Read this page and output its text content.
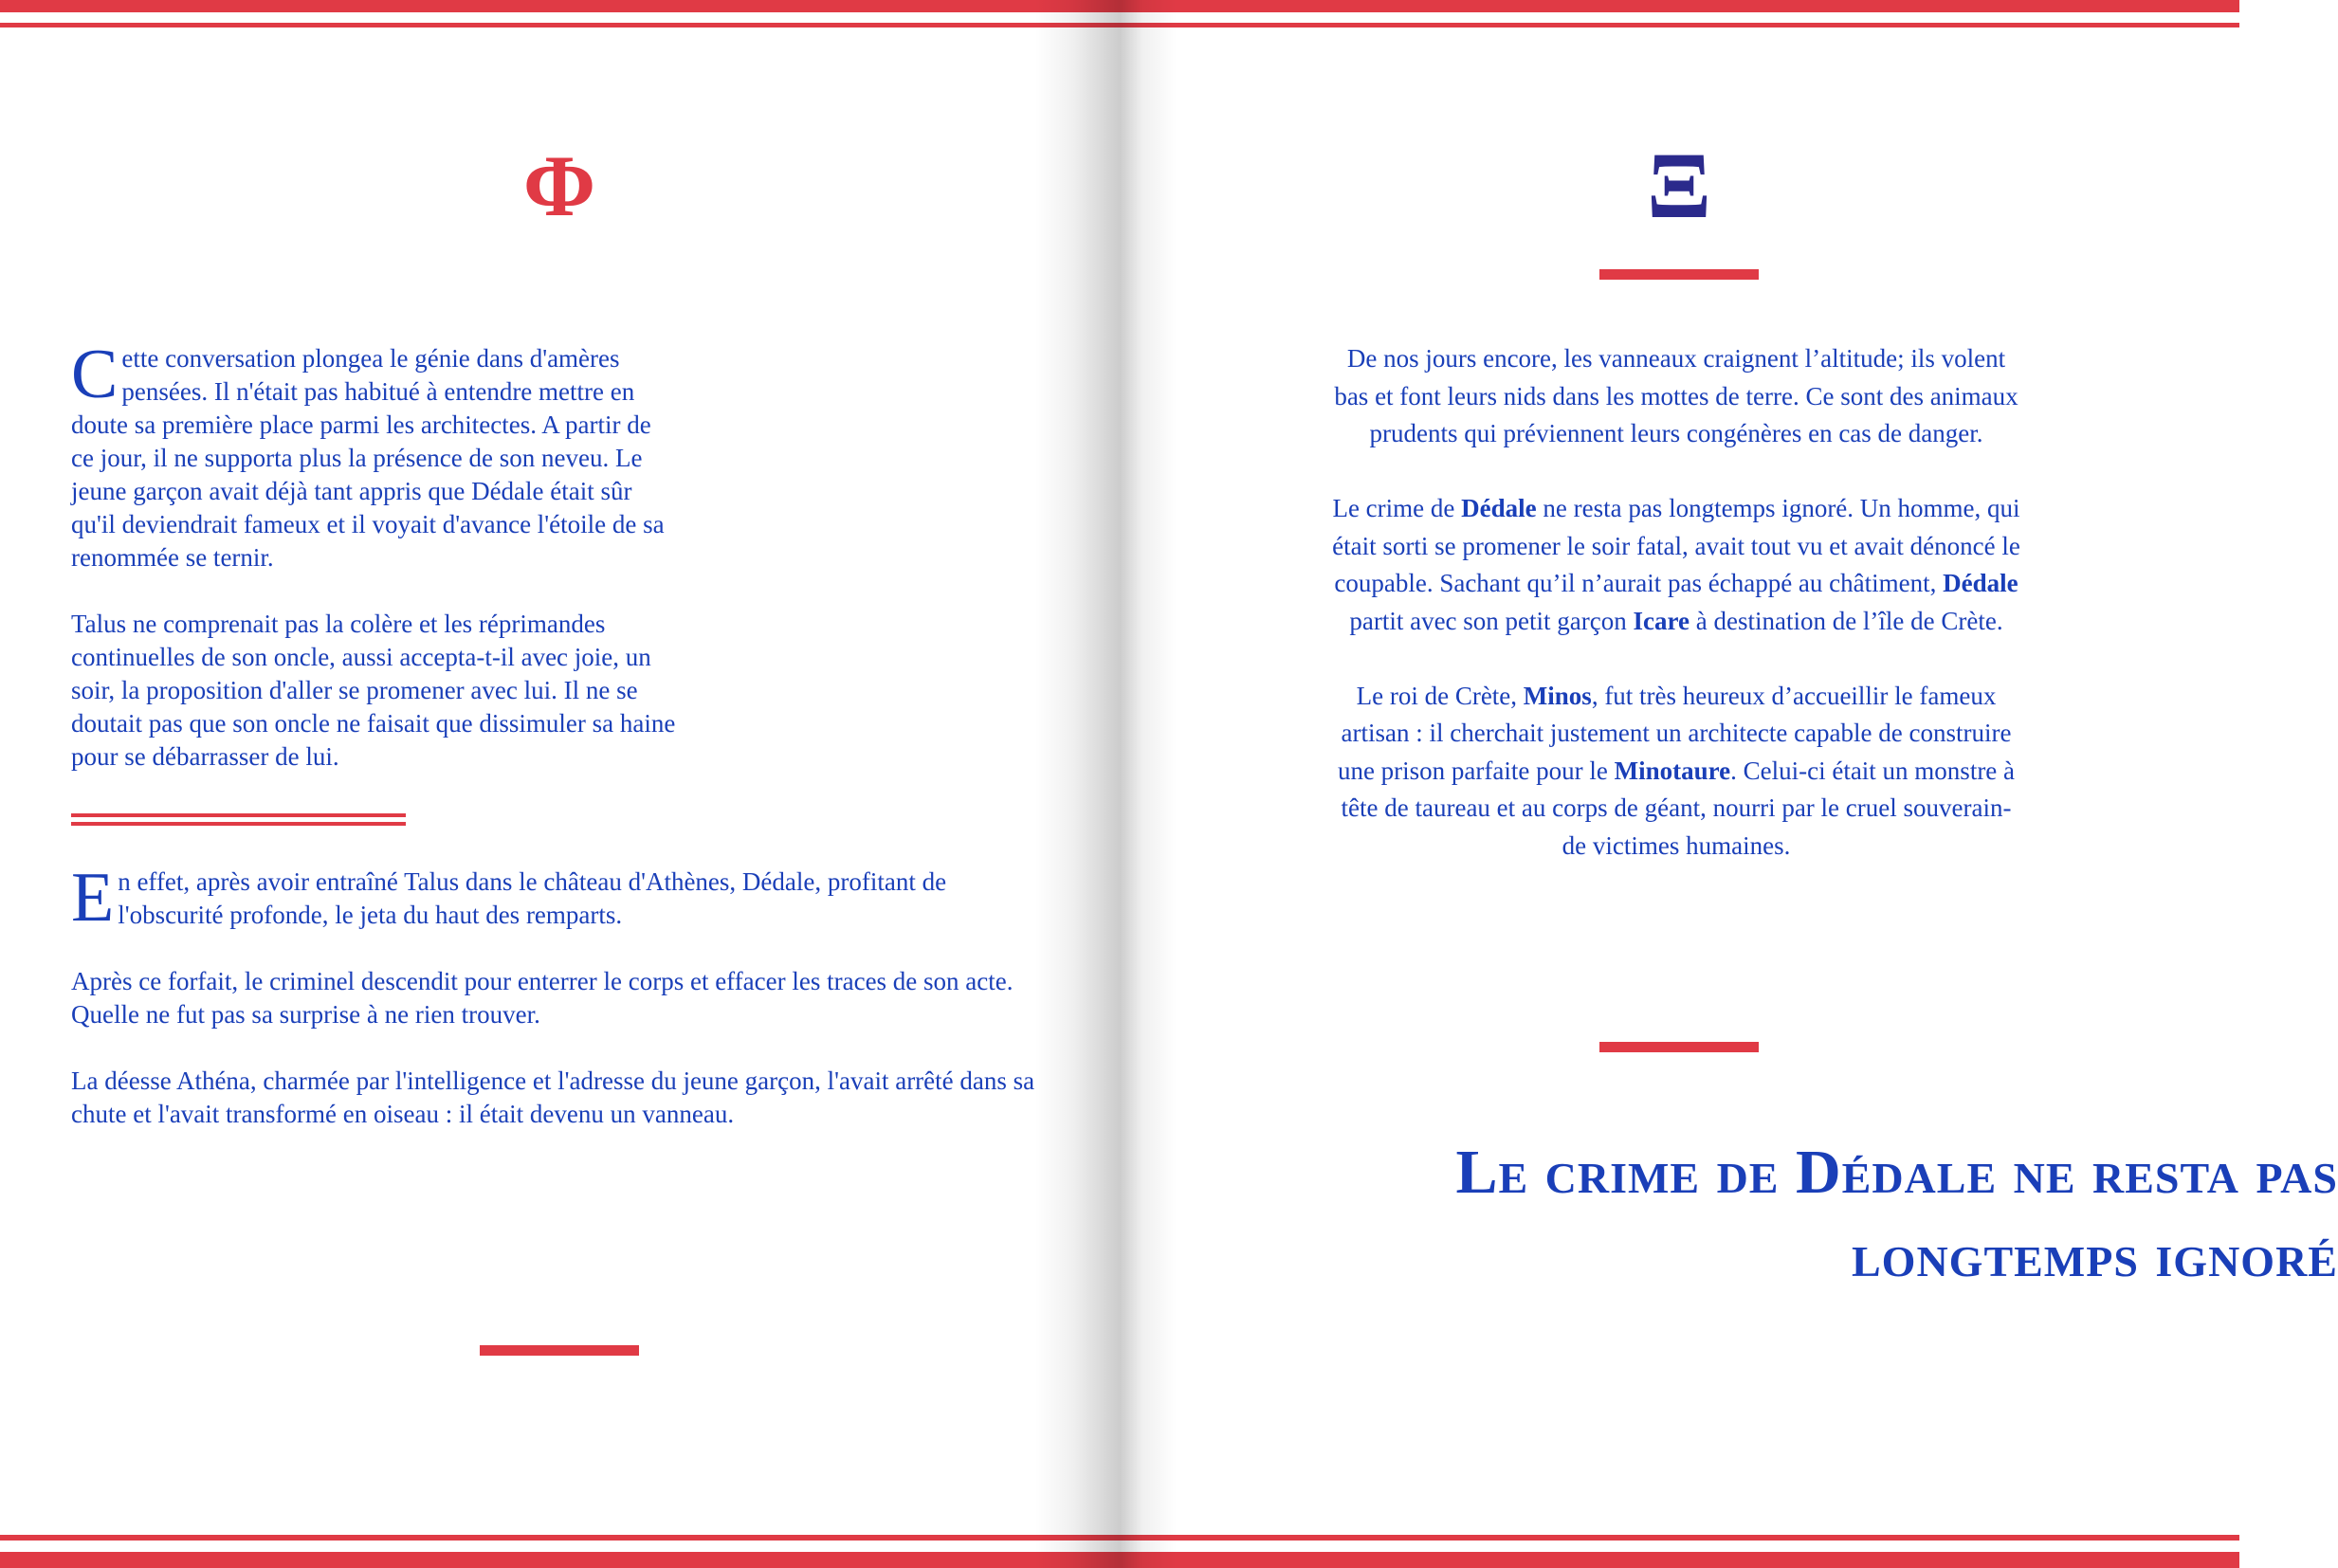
Φ

Cette conversation plongea le génie dans d'amères pensées. Il n'était pas habitué à entendre mettre en doute sa première place parmi les architectes. A partir de ce jour, il ne supporta plus la présence de son neveu. Le jeune garçon avait déjà tant appris que Dédale était sûr qu'il deviendrait fameux et il voyait d'avance l'étoile de sa renommée se ternir.

Talus ne comprenait pas la colère et les réprimandes continuelles de son oncle, aussi accepta-t-il avec joie, un soir, la proposition d'aller se promener avec lui. Il ne se doutait pas que son oncle ne faisait que dissimuler sa haine pour se débarrasser de lui.

En effet, après avoir entraîné Talus dans le château d'Athènes, Dédale, profitant de l'obscurité profonde, le jeta du haut des remparts.

Après ce forfait, le criminel descendit pour enterrer le corps et effacer les traces de son acte. Quelle ne fut pas sa surprise à ne rien trouver.

La déesse Athéna, charmée par l'intelligence et l'adresse du jeune garçon, l'avait arrêté dans sa chute et l'avait transformé en oiseau : il était devenu un vanneau.

Ξ

De nos jours encore, les vanneaux craignent l’altitude; ils volent bas et font leurs nids dans les mottes de terre. Ce sont des animaux prudents qui préviennent leurs congénères en cas de danger.

Le crime de Dédale ne resta pas longtemps ignoré. Un homme, qui était sorti se promener le soir fatal, avait tout vu et avait dénoncé le coupable. Sachant qu’il n’aurait pas échappé au châtiment, Dédale partit avec son petit garçon Icare à destination de l’île de Crète.

Le roi de Crète, Minos, fut très heureux d’accueillir le fameux artisan : il cherchait justement un architecte capable de construire une prison parfaite pour le Minotaure. Celui-ci était un monstre à tête de taureau et au corps de géant, nourri par le cruel souverain-de victimes humaines.

Le crime de Dédale ne resta pas longtemps ignoré
